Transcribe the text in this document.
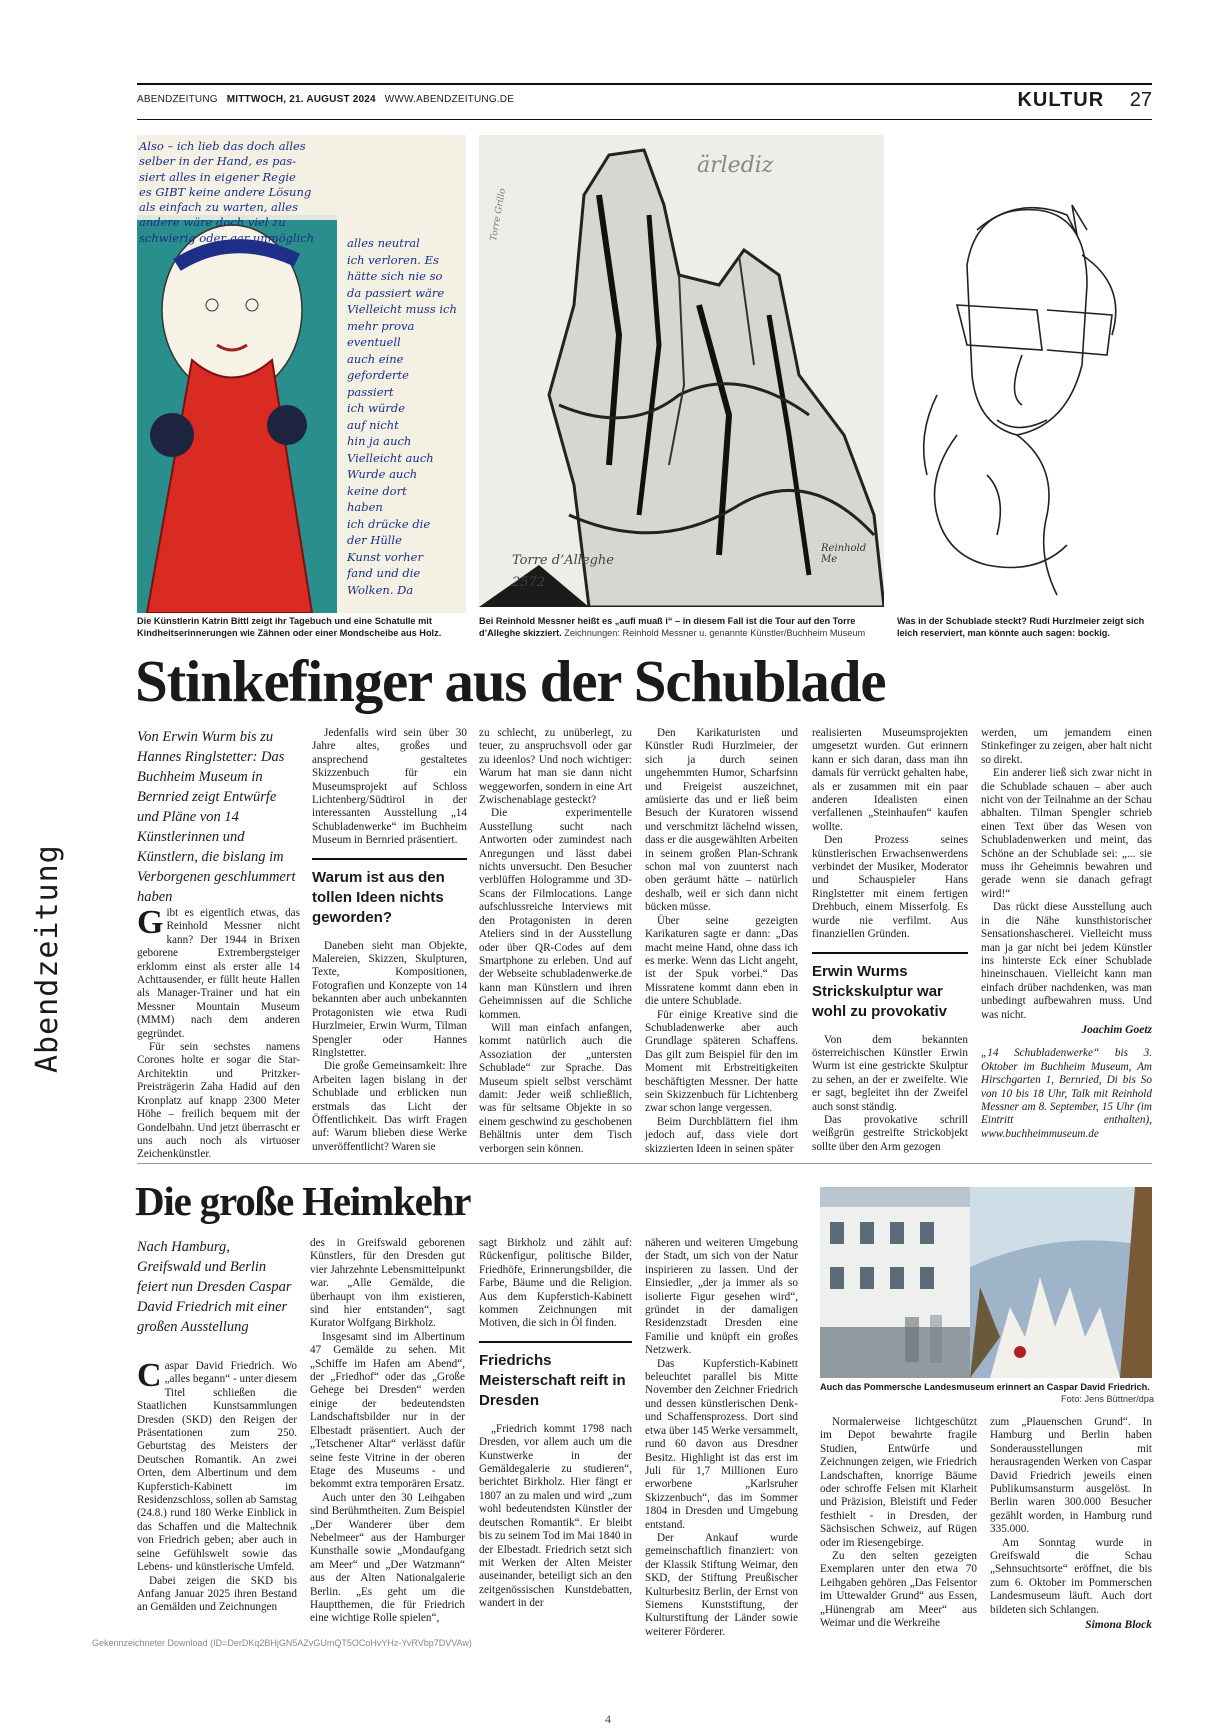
ABENDZEITUNG MITTWOCH, 21. AUGUST 2024 WWW.ABENDZEITUNG.DE	KULTUR 27
Abendzeitung
Also – ich lieb das doch alles
selber in der Hand, es pas-
siert alles in eigener Regie
es GIBT keine andere Lösung
als einfach zu warten, alles
andere wäre doch viel zu
schwierig oder gar unmöglich	alles neutral
ich verloren. Es
hätte sich nie so
da passiert wäre
Vielleicht muss ich
mehr prova
eventuell
auch eine
geforderte
passiert
ich würde
auf nicht
hin ja auch
Vielleicht auch
Wurde auch
keine dort
haben
ich drücke die
der Hülle
Kunst vorher
fand und die
Wolken. Da
Die Künstlerin Katrin Bittl zeigt ihr Tagebuch und eine Schatulle mit Kindheitserinnerungen wie Zähnen oder einer Mondscheibe aus Holz.
ärlediz
Torre d’Alleghe
2572
Torre Grillo
Reinhold Me
Bei Reinhold Messner heißt es „aufi muaß i“ – in diesem Fall ist die Tour auf den Torre d’Alleghe skizziert. Zeichnungen: Reinhold Messner u. genannte Künstler/Buchheim Museum
Was in der Schublade steckt? Rudi Hurzlmeier zeigt sich leich reserviert, man könnte auch sagen: bockig.
Stinkefinger aus der Schublade
Von Erwin Wurm bis zu Hannes Ringlstetter: Das Buchheim Museum in Bernried zeigt Entwürfe und Pläne von 14 Künstlerinnen und Künstlern, die bislang im Verborgenen geschlummert haben

Gibt es eigentlich etwas, das Reinhold Messner nicht kann? Der 1944 in Brixen geborene Extrembergsteiger erklomm einst als erster alle 14 Achttausender, er füllt heute Hallen als Manager-Trainer und hat ein Messner Mountain Museum (MMM) nach dem anderen gegründet.

Für sein sechstes namens Corones holte er sogar die Star-Architektin und Pritzker-Preisträgerin Zaha Hadid auf den Kronplatz auf knapp 2300 Meter Höhe – freilich bequem mit der Gondelbahn. Und jetzt überrascht er uns auch noch als virtuoser Zeichenkünstler.

Jedenfalls wird sein über 30 Jahre altes, großes und ansprechend gestaltetes Skizzenbuch für ein Museumsprojekt auf Schloss Lichtenberg/Südtirol in der interessanten Ausstellung „14 Schubladenwerke“ im Buchheim Museum in Bernried präsentiert.

Warum ist aus den tollen Ideen nichts geworden?

Daneben sieht man Objekte, Malereien, Skizzen, Skulpturen, Texte, Kompositionen, Fotografien und Konzepte von 14 bekannten aber auch unbekannten Protagonisten wie etwa Rudi Hurzlmeier, Erwin Wurm, Tilman Spengler oder Hannes Ringlstetter.

Die große Gemeinsamkeit: Ihre Arbeiten lagen bislang in der Schublade und erblicken nun erstmals das Licht der Öffentlichkeit. Das wirft Fragen auf: Warum blieben diese Werke unveröffentlicht? Waren sie

zu schlecht, zu unüberlegt, zu teuer, zu anspruchsvoll oder gar zu ideenlos? Und noch wichtiger: Warum hat man sie dann nicht weggeworfen, sondern in eine Art Zwischenablage gesteckt?

Die experimentelle Ausstellung sucht nach Antworten oder zumindest nach Anregungen und lässt dabei nichts unversucht. Den Besucher verblüffen Hologramme und 3D-Scans der Filmlocations. Lange aufschlussreiche Interviews mit den Protagonisten in deren Ateliers sind in der Ausstellung oder über QR-Codes auf dem Smartphone zu erleben. Und auf der Webseite schubladenwerke.de kann man Künstlern und ihren Geheimnissen auf die Schliche kommen.

Will man einfach anfangen, kommt natürlich auch die Assoziation der „untersten Schublade“ zur Sprache. Das Museum spielt selbst verschämt damit: Jeder weiß schließlich, was für seltsame Objekte in so einem geschwind zu geschobenen Behältnis unter dem Tisch verborgen sein können.

Den Karikaturisten und Künstler Rudi Hurzlmeier, der sich ja durch seinen ungehemmten Humor, Scharfsinn und Freigeist auszeichnet, amüsierte das und er ließ beim Besuch der Kuratoren wissend und verschmitzt lächelnd wissen, dass er die ausgewählten Arbeiten in seinem großen Plan-Schrank schon mal von zuunterst nach oben geräumt hätte – natürlich deshalb, weil er sich dann nicht bücken müsse.

Über seine gezeigten Karikaturen sagte er dann: „Das macht meine Hand, ohne dass ich es merke. Wenn das Licht angeht, ist der Spuk vorbei.“ Das Missratene kommt dann eben in die untere Schublade.

Für einige Kreative sind die Schubladenwerke aber auch Grundlage späteren Schaffens. Das gilt zum Beispiel für den im Moment mit Erbstreitigkeiten beschäftigten Messner. Der hatte sein Skizzenbuch für Lichtenberg zwar schon lange vergessen.

Beim Durchblättern fiel ihm jedoch auf, dass viele dort skizzierten Ideen in seinen später

realisierten Museumsprojekten umgesetzt wurden. Gut erinnern kann er sich daran, dass man ihn damals für verrückt gehalten habe, als er zusammen mit ein paar anderen Idealisten einen verfallenen „Steinhaufen“ kaufen wollte.

Den Prozess seines künstlerischen Erwachsenwerdens verbindet der Musiker, Moderator und Schauspieler Hans Ringlstetter mit einem fertigen Drehbuch, einem Misserfolg. Es wurde nie verfilmt. Aus finanziellen Gründen.

Erwin Wurms Strickskulptur war wohl zu provokativ

Von dem bekannten österreichischen Künstler Erwin Wurm ist eine gestrickte Skulptur zu sehen, an der er zweifelte. Wie er sagt, begleitet ihn der Zweifel auch sonst ständig.

Das provokative schrill weißgrün gestreifte Strickobjekt sollte über den Arm gezogen

werden, um jemandem einen Stinkefinger zu zeigen, aber halt nicht so direkt.

Ein anderer ließ sich zwar nicht in die Schublade schauen – aber auch nicht von der Teilnahme an der Schau abhalten. Tilman Spengler schrieb einen Text über das Wesen von Schubladenwerken und meint, das Schöne an der Schublade sei: „... sie muss ihr Geheimnis bewahren und gerade wenn sie danach gefragt wird!“

Das rückt diese Ausstellung auch in die Nähe kunsthistorischer Sensationshascherei. Vielleicht muss man ja gar nicht bei jedem Künstler ins hinterste Eck einer Schublade hineinschauen. Vielleicht kann man einfach drüber nachdenken, was man unbedingt aufbewahren muss. Und was nicht.

Joachim Goetz

„14 Schubladenwerke“ bis 3. Oktober im Buchheim Museum, Am Hirschgarten 1, Bernried, Di bis So von 10 bis 18 Uhr, Talk mit Reinhold Messner am 8. September, 15 Uhr (im Eintritt enthalten), www.buchheimmuseum.de

Die große Heimkehr
Nach Hamburg, Greifswald und Berlin feiert nun Dresden Caspar David Friedrich mit einer großen Ausstellung

Caspar David Friedrich. Wo „alles begann“ - unter diesem Titel schließen die Staatlichen Kunstsammlungen Dresden (SKD) den Reigen der Präsentationen zum 250. Geburtstag des Meisters der Deutschen Romantik. An zwei Orten, dem Albertinum und dem Kupferstich-Kabinett im Residenzschloss, sollen ab Samstag (24.8.) rund 180 Werke Einblick in das Schaffen und die Maltechnik von Friedrich geben; aber auch in seine Gefühlswelt sowie das Lebens- und künstlerische Umfeld.

Dabei zeigen die SKD bis Anfang Januar 2025 ihren Bestand an Gemälden und Zeichnungen

des in Greifswald geborenen Künstlers, für den Dresden gut vier Jahrzehnte Lebensmittelpunkt war. „Alle Gemälde, die überhaupt von ihm existieren, sind hier entstanden“, sagt Kurator Wolfgang Birkholz.

Insgesamt sind im Albertinum 47 Gemälde zu sehen. Mit „Schiffe im Hafen am Abend“, der „Friedhof“ oder das „Große Gehege bei Dresden“ werden einige der bedeutendsten Landschaftsbilder nur in der Elbestadt präsentiert. Auch der „Tetschener Altar“ verlässt dafür seine feste Vitrine in der oberen Etage des Museums - und bekommt extra temporären Ersatz.

Auch unter den 30 Leihgaben sind Berühmtheiten. Zum Beispiel „Der Wanderer über dem Nebelmeer“ aus der Hamburger Kunsthalle sowie „Mondaufgang am Meer“ und „Der Watzmann“ aus der Alten Nationalgalerie Berlin. „Es geht um die Hauptthemen, die für Friedrich eine wichtige Rolle spielen“,

sagt Birkholz und zählt auf: Rückenfigur, politische Bilder, Friedhöfe, Erinnerungsbilder, die Farbe, Bäume und die Religion. Aus dem Kupferstich-Kabinett kommen Zeichnungen mit Motiven, die sich in Öl finden.

Friedrichs Meisterschaft reift in Dresden

„Friedrich kommt 1798 nach Dresden, vor allem auch um die Kunstwerke in der Gemäldegalerie zu studieren“, berichtet Birkholz. Hier fängt er 1807 an zu malen und wird „zum wohl bedeutendsten Künstler der deutschen Romantik“. Er bleibt bis zu seinem Tod im Mai 1840 in der Elbestadt. Friedrich setzt sich mit Werken der Alten Meister auseinander, beteiligt sich an den zeitgenössischen Kunstdebatten, wandert in der

näheren und weiteren Umgebung der Stadt, um sich von der Natur inspirieren zu lassen. Und der Einsiedler, „der ja immer als so isolierte Figur gesehen wird“, gründet in der damaligen Residenzstadt Dresden eine Familie und knüpft ein großes Netzwerk.

Das Kupferstich-Kabinett beleuchtet parallel bis Mitte November den Zeichner Friedrich und dessen künstlerischen Denk- und Schaffensprozess. Dort sind etwa über 145 Werke versammelt, rund 60 davon aus Dresdner Besitz. Highlight ist das erst im Juli für 1,7 Millionen Euro erworbene „Karlsruher Skizzenbuch“, das im Sommer 1804 in Dresden und Umgebung entstand.

Der Ankauf wurde gemeinschaftlich finanziert: von der Klassik Stiftung Weimar, den SKD, der Stiftung Preußischer Kulturbesitz Berlin, der Ernst von Siemens Kunststiftung, der Kulturstiftung der Länder sowie weiterer Förderer.

Auch das Pommersche Landesmuseum erinnert an Caspar David Friedrich.
Foto: Jens Büttner/dpa

Normalerweise lichtgeschützt im Depot bewahrte fragile Studien, Entwürfe und Zeichnungen zeigen, wie Friedrich Landschaften, knorrige Bäume oder schroffe Felsen mit Klarheit und Präzision, Bleistift und Feder festhielt - in Dresden, der Sächsischen Schweiz, auf Rügen oder im Riesengebirge.

Zu den selten gezeigten Exemplaren unter den etwa 70 Leihgaben gehören „Das Felsentor im Uttewalder Grund“ aus Essen, „Hünengrab am Meer“ aus Weimar und die Werkreihe

zum „Plauenschen Grund“. In Hamburg und Berlin haben Sonderausstellungen mit herausragenden Werken von Caspar David Friedrich jeweils einen Publikumsansturm ausgelöst. In Berlin waren 300.000 Besucher gezählt worden, in Hamburg rund 335.000.

Am Sonntag wurde in Greifswald die Schau „Sehnsuchtsorte“ eröffnet, die bis zum 6. Oktober im Pommerschen Landesmuseum läuft. Auch dort bildeten sich Schlangen.

Simona Block
Gekennzeichneter Download (ID=DerDKq2BHjGN5AZvGUmQT5OCoHvYHz-YvRVbp7DVVAw)
4
